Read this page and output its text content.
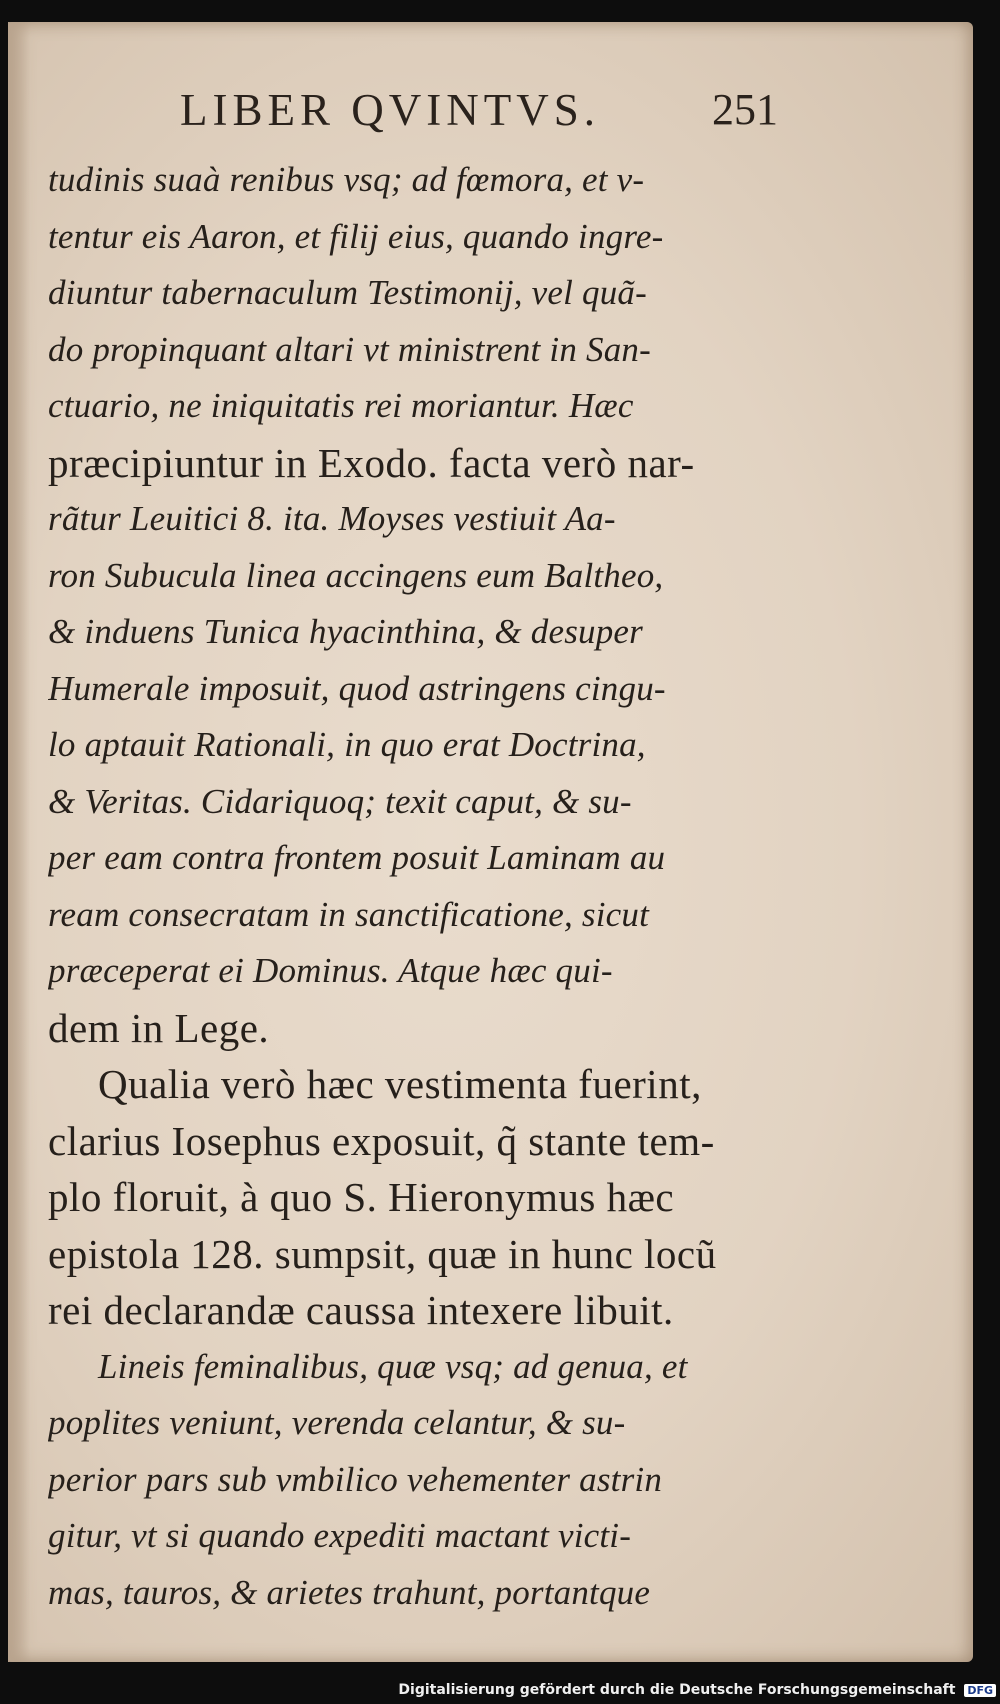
LIBER QVINTVS.	251
tudinis suaà renibus vsq; ad fœmora, et v-
tentur eis Aaron, et filij eius, quando ingre-
diuntur tabernaculum Testimonij, vel quã-
do propinquant altari vt ministrent in San-
ctuario, ne iniquitatis rei moriantur. Hæc
præcipiuntur in Exodo. facta verò nar-
rãtur Leuitici 8. ita. Moyses vestiuit Aa-
ron Subucula linea accingens eum Baltheo,
& induens Tunica hyacinthina, & desuper
Humerale imposuit, quod astringens cingu-
lo aptauit Rationali, in quo erat Doctrina,
& Veritas. Cidariquoq; texit caput, & su-
per eam contra frontem posuit Laminam au
ream consecratam in sanctificatione, sicut
præceperat ei Dominus. Atque hæc qui-
dem in Lege.
Qualia verò hæc vestimenta fuerint,
clarius Iosephus exposuit, q̃ stante tem-
plo floruit, à quo S. Hieronymus hæc
epistola 128. sumpsit, quæ in hunc locũ
rei declarandæ caussa intexere libuit.
Lineis feminalibus, quæ vsq; ad genua, et
poplites veniunt, verenda celantur, & su-
perior pars sub vmbilico vehementer astrin
gitur, vt si quando expediti mactant victi-
mas, tauros, & arietes trahunt, portantque
Digitalisierung gefördert durch die Deutsche Forschungsgemeinschaft DFG
